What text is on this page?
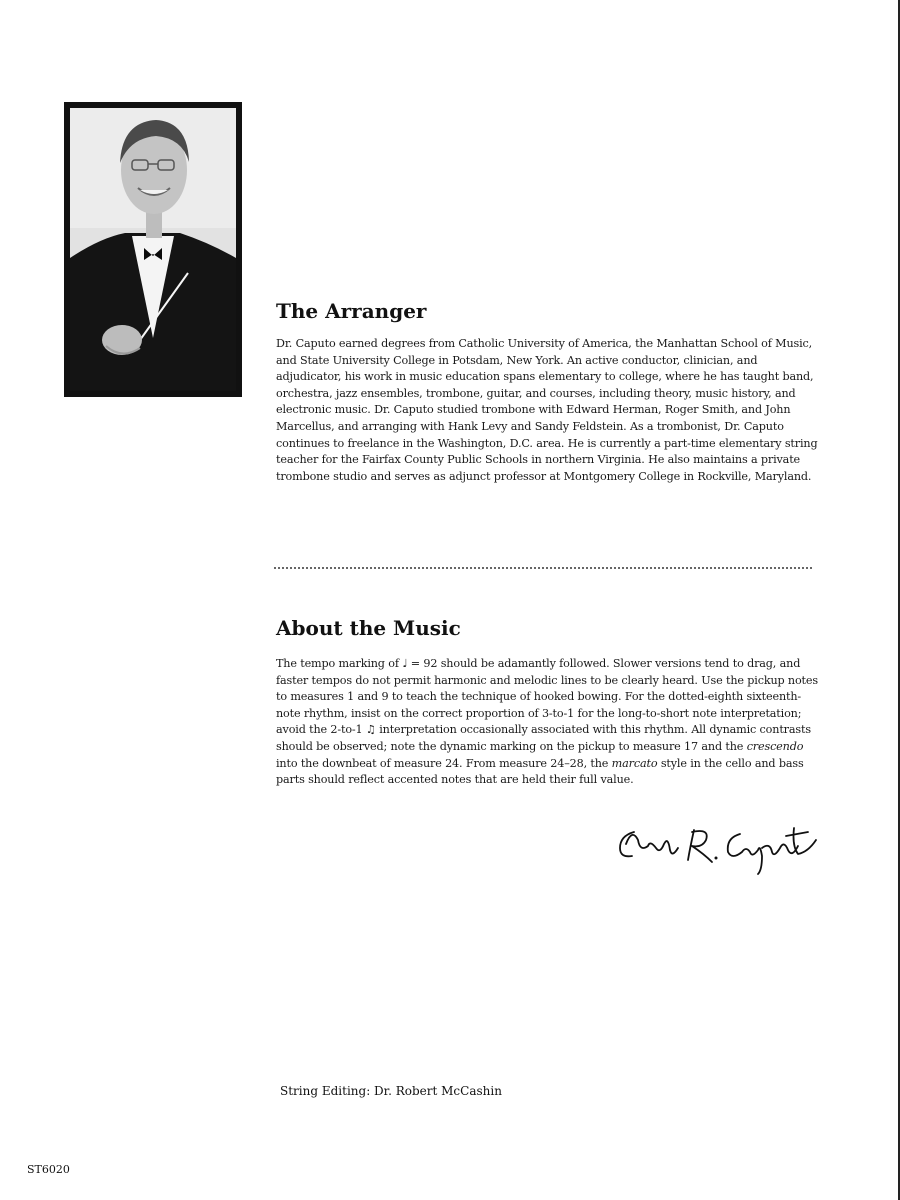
The Arranger

Dr. Caputo earned degrees from Catholic University of America, the Manhattan School of Music, and State University College in Potsdam, New York. An active conductor, clinician, and adjudicator, his work in music education spans elementary to college, where he has taught band, orchestra, jazz ensembles, trombone, guitar, and courses, including theory, music history, and electronic music. Dr. Caputo studied trombone with Edward Herman, Roger Smith, and John Marcellus, and arranging with Hank Levy and Sandy Feldstein. As a trombonist, Dr. Caputo continues to freelance in the Washington, D.C. area. He is currently a part-time elementary string teacher for the Fairfax County Public Schools in northern Virginia. He also maintains a private trombone studio and serves as adjunct professor at Montgomery College in Rockville, Maryland.

About the Music

The tempo marking of ♩ = 92 should be adamantly followed. Slower versions tend to drag, and faster tempos do not permit harmonic and melodic lines to be clearly heard. Use the pickup notes to measures 1 and 9 to teach the technique of hooked bowing. For the dotted-eighth sixteenth-note rhythm, insist on the correct proportion of 3-to-1 for the long-to-short note interpretation; avoid the 2-to-1 ♫ interpretation occasionally associated with this rhythm. All dynamic contrasts should be observed; note the dynamic marking on the pickup to measure 17 and the crescendo into the downbeat of measure 24. From measure 24–28, the marcato style in the cello and bass parts should reflect accented notes that are held their full value.

String Editing: Dr. Robert McCashin

ST6020
